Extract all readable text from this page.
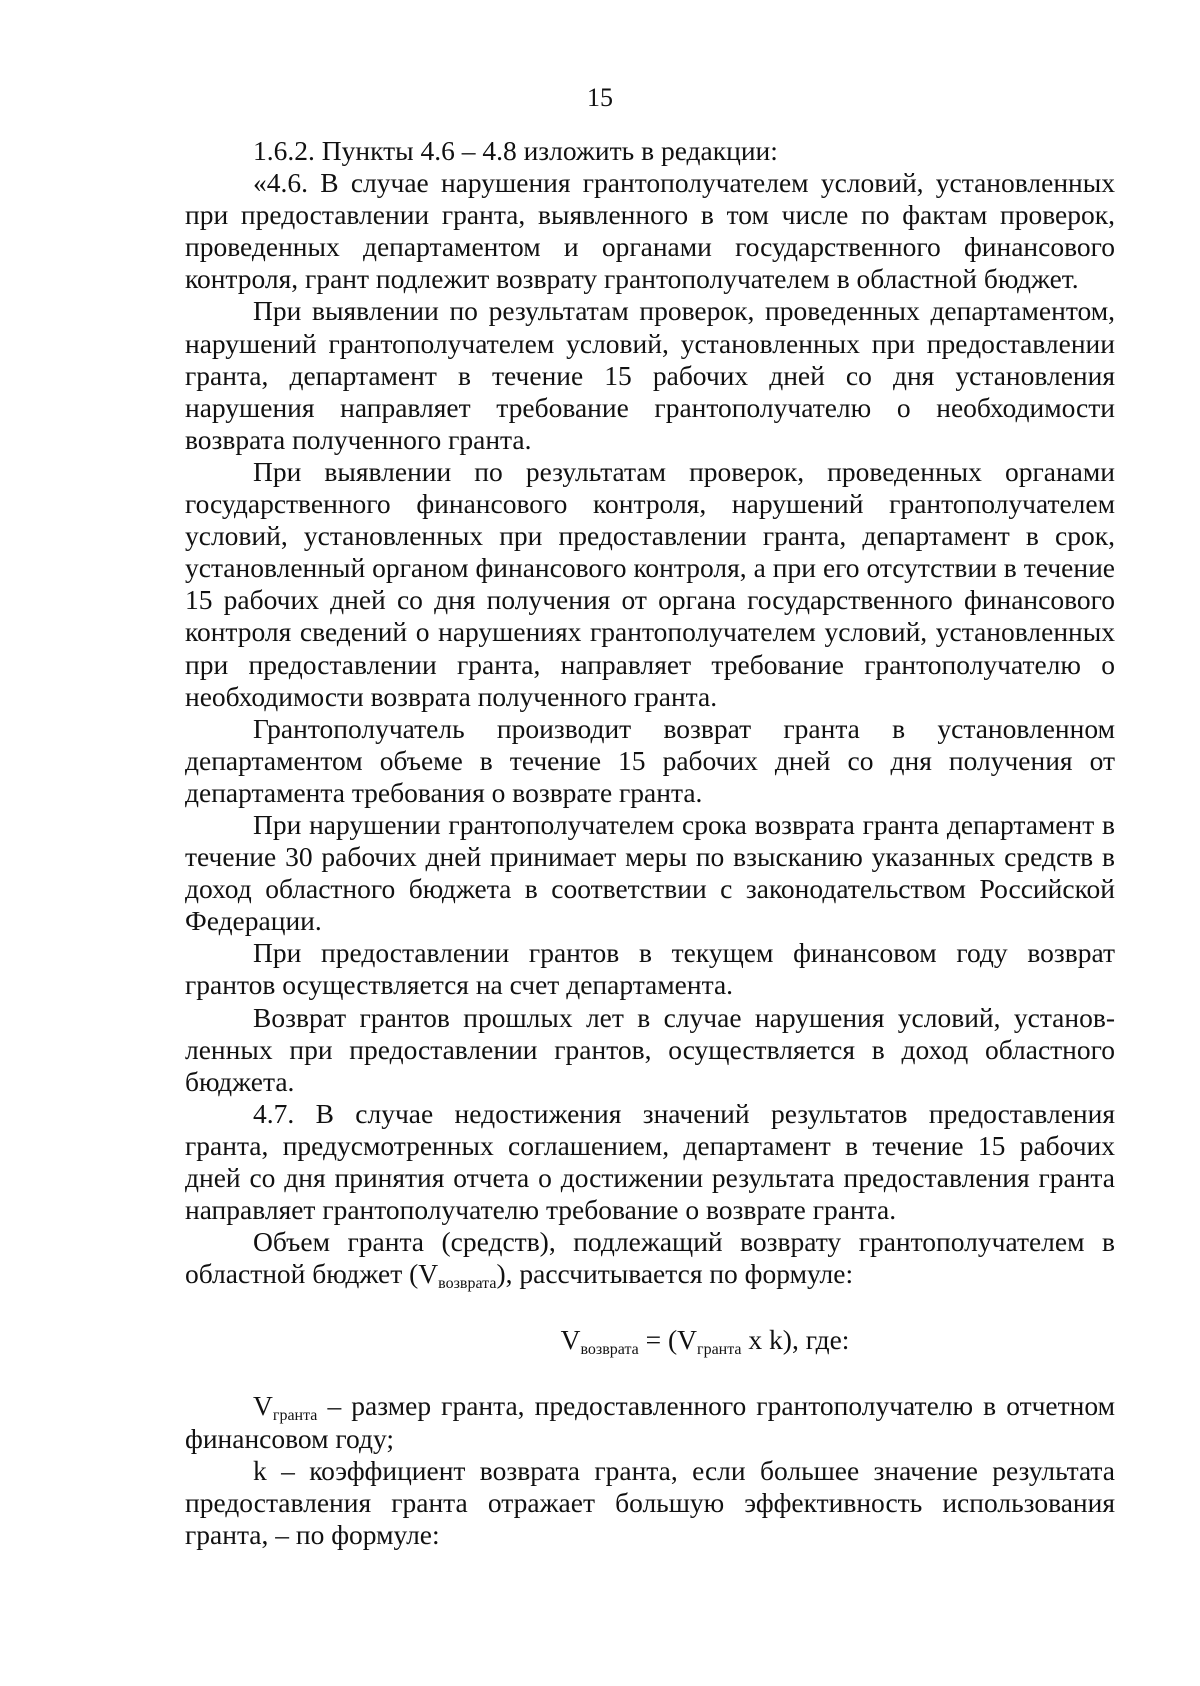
15

1.6.2. Пункты 4.6 – 4.8 изложить в редакции:

«4.6. В случае нарушения грантополучателем условий, установленных при предоставлении гранта, выявленного в том числе по фактам проверок, проведенных департаментом и органами государственного финансового контроля, грант подлежит возврату грантополучателем в областной бюджет.

При выявлении по результатам проверок, проведенных департаментом, нарушений грантополучателем условий, установленных при предоставлении гранта, департамент в течение 15 рабочих дней со дня установления нарушения направляет требование грантополучателю о необходимости возврата полученного гранта.

При выявлении по результатам проверок, проведенных органами государственного финансового контроля, нарушений грантополучателем условий, установленных при предоставлении гранта, департамент в срок, установленный органом финансового контроля, а при его отсутствии в течение 15 рабочих дней со дня получения от органа государственного финансового контроля сведений о нарушениях грантополучателем условий, установленных при предоставлении гранта, направляет требование грантополучателю о необходимости возврата полученного гранта.

Грантополучатель производит возврат гранта в установленном департаментом объеме в течение 15 рабочих дней со дня получения от департамента требования о возврате гранта.

При нарушении грантополучателем срока возврата гранта департамент в течение 30 рабочих дней принимает меры по взысканию указанных средств в доход областного бюджета в соответствии с законодательством Российской Федерации.

При предоставлении грантов в текущем финансовом году возврат грантов осуществляется на счет департамента.

Возврат грантов прошлых лет в случае нарушения условий, установленных при предоставлении грантов, осуществляется в доход областного бюджета.

4.7. В случае недостижения значений результатов предоставления гранта, предусмотренных соглашением, департамент в течение 15 рабочих дней со дня принятия отчета о достижении результата предоставления гранта направляет грантополучателю требование о возврате гранта.

Объем гранта (средств), подлежащий возврату грантополучателем в областной бюджет $(V_{возврата})$, рассчитывается по формуле:

$V_{возврата} = (V_{гранта}$ x k), где:

$V_{гранта}$ – размер гранта, предоставленного грантополучателю в отчетном финансовом году;

k – коэффициент возврата гранта, если большее значение результата предоставления гранта отражает большую эффективность использования гранта, – по формуле:
